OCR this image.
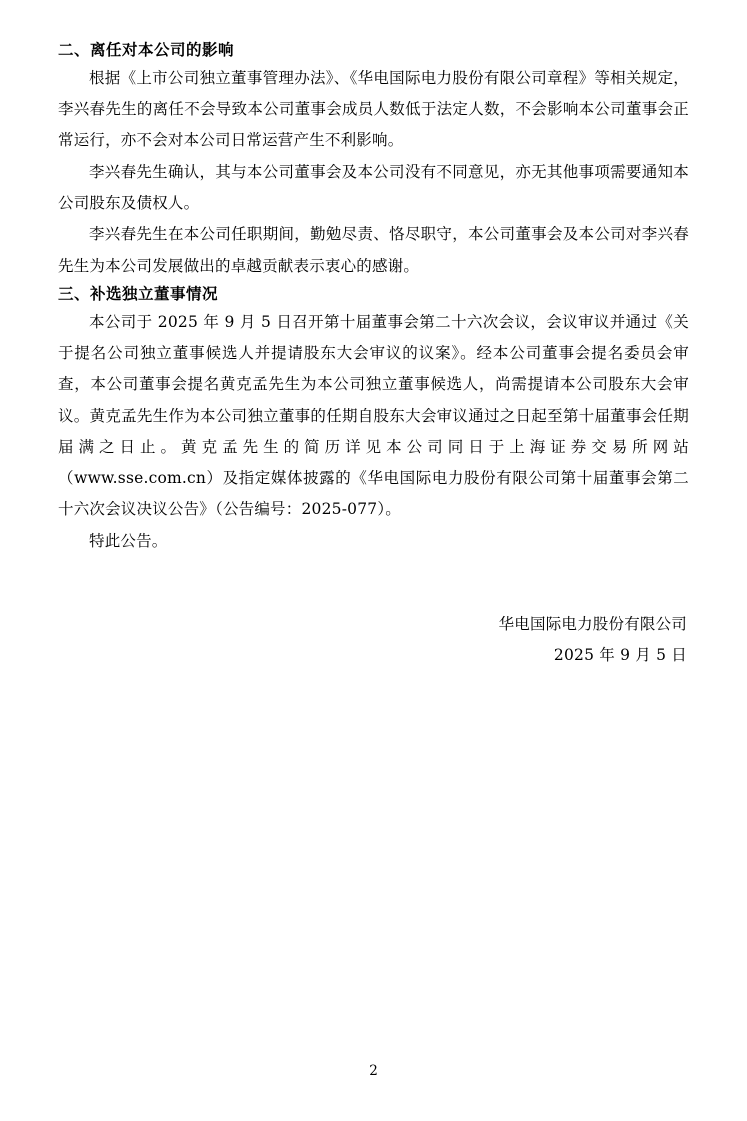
二、离任对本公司的影响

根据《上市公司独立董事管理办法》、《华电国际电力股份有限公司章程》等相关规定，李兴春先生的离任不会导致本公司董事会成员人数低于法定人数，不会影响本公司董事会正常运行，亦不会对本公司日常运营产生不利影响。

李兴春先生确认，其与本公司董事会及本公司没有不同意见，亦无其他事项需要通知本公司股东及债权人。

李兴春先生在本公司任职期间，勤勉尽责、恪尽职守，本公司董事会及本公司对李兴春先生为本公司发展做出的卓越贡献表示衷心的感谢。

三、补选独立董事情况

本公司于 2025 年 9 月 5 日召开第十届董事会第二十六次会议，会议审议并通过《关于提名公司独立董事候选人并提请股东大会审议的议案》。经本公司董事会提名委员会审查，本公司董事会提名黄克孟先生为本公司独立董事候选人，尚需提请本公司股东大会审议。黄克孟先生作为本公司独立董事的任期自股东大会审议通过之日起至第十届董事会任期届满之日止。黄克孟先生的简历详见本公司同日于上海证券交易所网站（www.sse.com.cn）及指定媒体披露的《华电国际电力股份有限公司第十届董事会第二十六次会议决议公告》（公告编号：2025-077）。

特此公告。

华电国际电力股份有限公司
2025 年 9 月 5 日
2
